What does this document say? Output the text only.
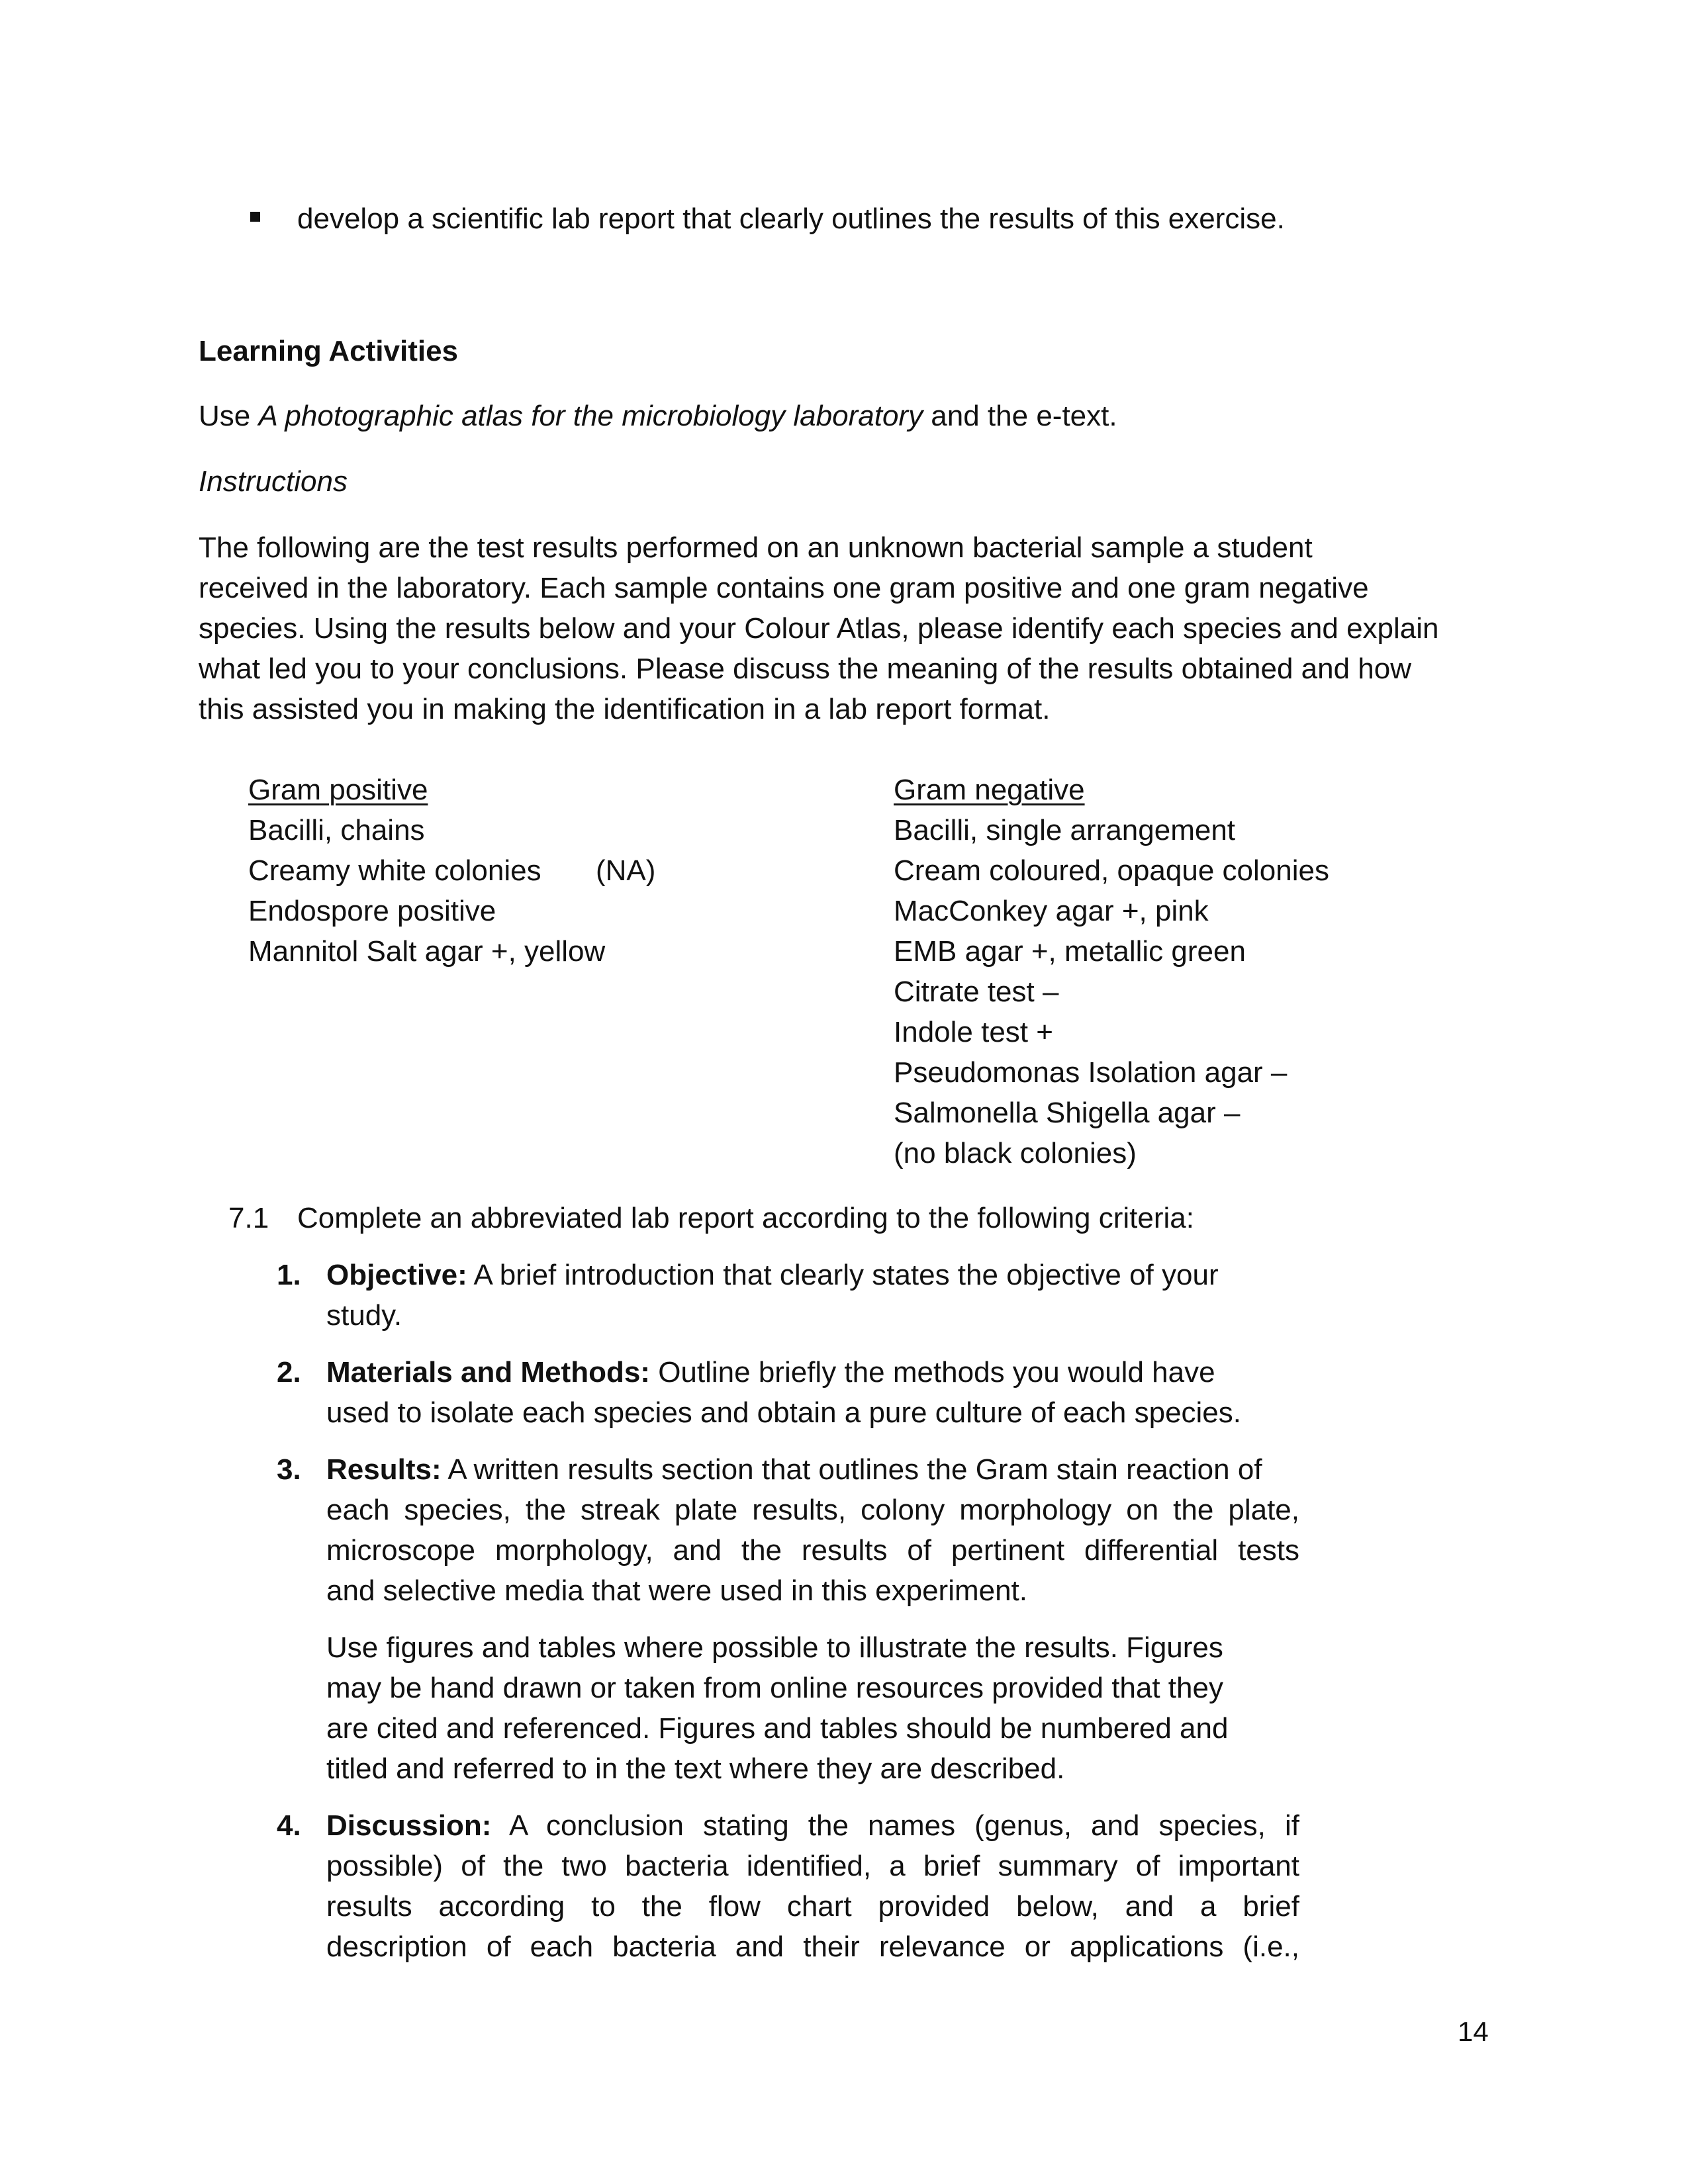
develop a scientific lab report that clearly outlines the results of this exercise.
Learning Activities
Use A photographic atlas for the microbiology laboratory and the e-text.
Instructions
The following are the test results performed on an unknown bacterial sample a student
received in the laboratory. Each sample contains one gram positive and one gram negative
species. Using the results below and your Colour Atlas, please identify each species and explain
what led you to your conclusions. Please discuss the meaning of the results obtained and how
this assisted you in making the identification in a lab report format.
Gram positive
Bacilli, chains
Creamy white colonies (NA)
Endospore positive
Mannitol Salt agar +, yellow
Gram negative
Bacilli, single arrangement
Cream coloured, opaque colonies
MacConkey agar +, pink
EMB agar +, metallic green
Citrate test –
Indole test +
Pseudomonas Isolation agar –
Salmonella Shigella agar –
(no black colonies)
7.1 Complete an abbreviated lab report according to the following criteria:
1. Objective: A brief introduction that clearly states the objective of your
study.
2. Materials and Methods: Outline briefly the methods you would have
used to isolate each species and obtain a pure culture of each species.
3. Results: A written results section that outlines the Gram stain reaction of
each species, the streak plate results, colony morphology on the plate,
microscope morphology, and the results of pertinent differential tests
and selective media that were used in this experiment.
Use figures and tables where possible to illustrate the results. Figures
may be hand drawn or taken from online resources provided that they
are cited and referenced. Figures and tables should be numbered and
titled and referred to in the text where they are described.
4. Discussion: A conclusion stating the names (genus, and species, if
possible) of the two bacteria identified, a brief summary of important
results according to the flow chart provided below, and a brief
description of each bacteria and their relevance or applications (i.e.,
14
